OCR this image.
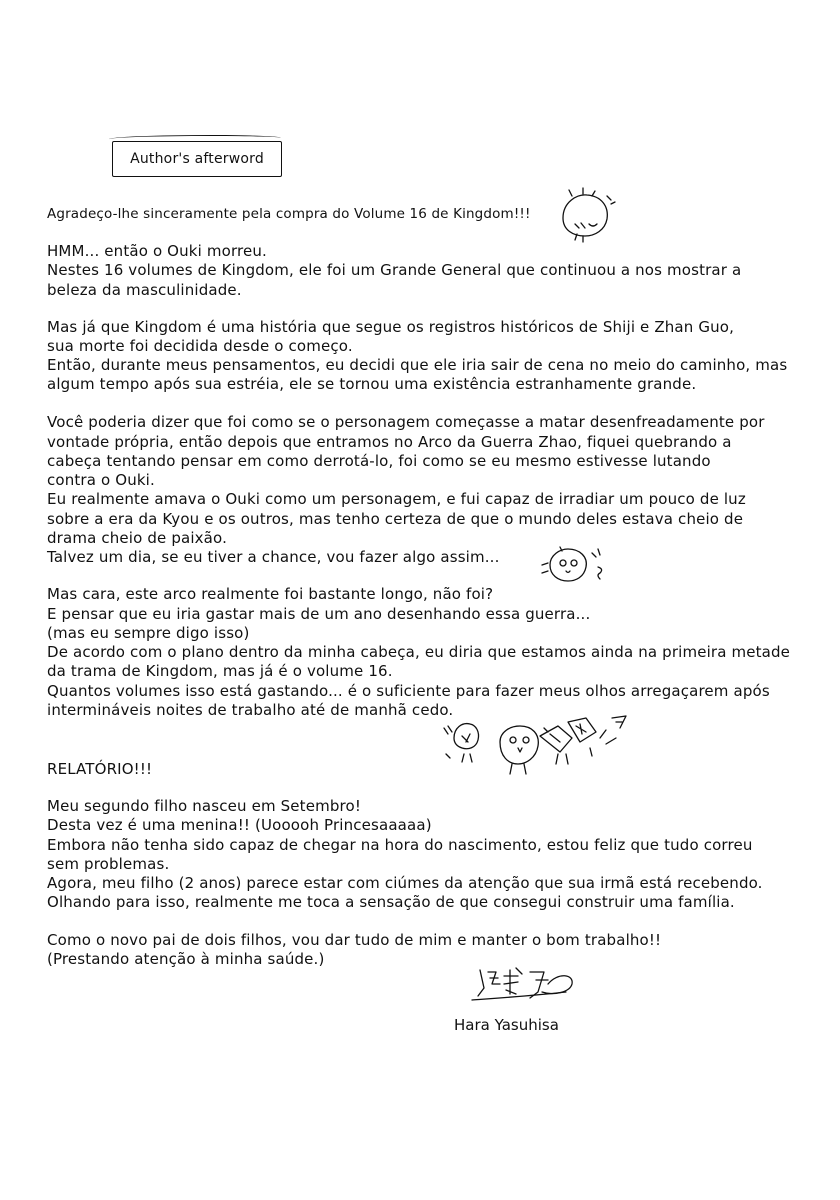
Author's afterword
Agradeço-lhe sinceramente pela compra do Volume 16 de Kingdom!!!
HMM... então o Ouki morreu.
Nestes 16 volumes de Kingdom, ele foi um Grande General que continuou a nos mostrar a
beleza da masculinidade.
Mas já que Kingdom é uma história que segue os registros históricos de Shiji e Zhan Guo,
sua morte foi decidida desde o começo.
Então, durante meus pensamentos, eu decidi que ele iria sair de cena no meio do caminho, mas
algum tempo após sua estréia, ele se tornou uma existência estranhamente grande.
Você poderia dizer que foi como se o personagem começasse a matar desenfreadamente por
vontade própria, então depois que entramos no Arco da Guerra Zhao, fiquei quebrando a
cabeça tentando pensar em como derrotá-lo, foi como se eu mesmo estivesse lutando
contra o Ouki.
Eu realmente amava o Ouki como um personagem, e fui capaz de irradiar um pouco de luz
sobre a era da Kyou e os outros, mas tenho certeza de que o mundo deles estava cheio de
drama cheio de paixão.
Talvez um dia, se eu tiver a chance, vou fazer algo assim...
Mas cara, este arco realmente foi bastante longo, não foi?
E pensar que eu iria gastar mais de um ano desenhando essa guerra...
(mas eu sempre digo isso)
De acordo com o plano dentro da minha cabeça, eu diria que estamos ainda na primeira metade
da trama de Kingdom, mas já é o volume 16.
Quantos volumes isso está gastando... é o suficiente para fazer meus olhos arregaçarem após
intermináveis noites de trabalho até de manhã cedo.
RELATÓRIO!!!
Meu segundo filho nasceu em Setembro!
Desta vez é uma menina!! (Uooooh Princesaaaaa)
Embora não tenha sido capaz de chegar na hora do nascimento, estou feliz que tudo correu
sem problemas.
Agora, meu filho (2 anos) parece estar com ciúmes da atenção que sua irmã está recebendo.
Olhando para isso, realmente me toca a sensação de que consegui construir uma família.
Como o novo pai de dois filhos, vou dar tudo de mim e manter o bom trabalho!!
(Prestando atenção à minha saúde.)
Hara Yasuhisa
